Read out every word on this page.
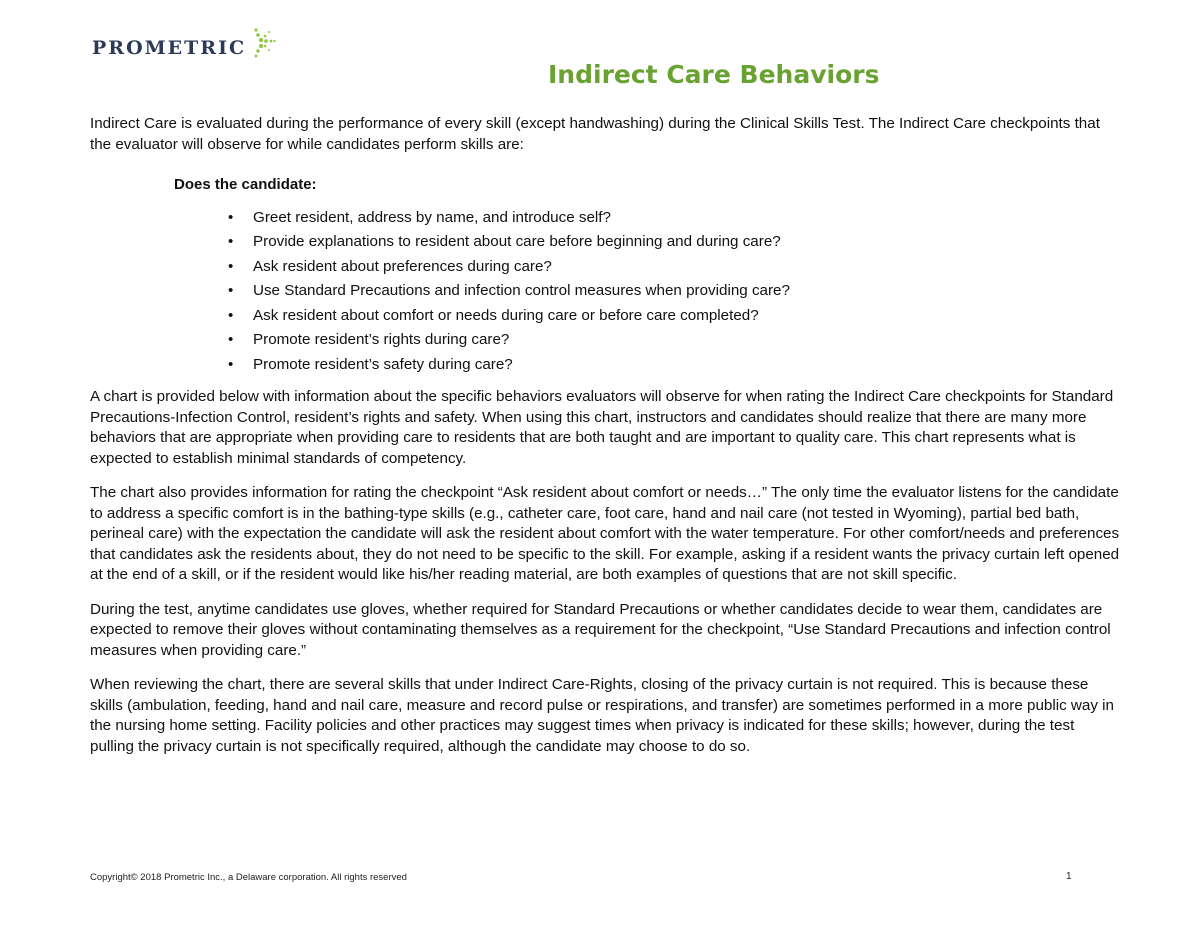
PROMETRIC
Indirect Care Behaviors

Indirect Care is evaluated during the performance of every skill (except handwashing) during the Clinical Skills Test. The Indirect Care checkpoints that the evaluator will observe for while candidates perform skills are:

Does the candidate:

• Greet resident, address by name, and introduce self?
• Provide explanations to resident about care before beginning and during care?
• Ask resident about preferences during care?
• Use Standard Precautions and infection control measures when providing care?
• Ask resident about comfort or needs during care or before care completed?
• Promote resident’s rights during care?
• Promote resident’s safety during care?

A chart is provided below with information about the specific behaviors evaluators will observe for when rating the Indirect Care checkpoints for Standard Precautions-Infection Control, resident’s rights and safety. When using this chart, instructors and candidates should realize that there are many more behaviors that are appropriate when providing care to residents that are both taught and are important to quality care. This chart represents what is expected to establish minimal standards of competency.

The chart also provides information for rating the checkpoint “Ask resident about comfort or needs…” The only time the evaluator listens for the candidate to address a specific comfort is in the bathing-type skills (e.g., catheter care, foot care, hand and nail care (not tested in Wyoming), partial bed bath, perineal care) with the expectation the candidate will ask the resident about comfort with the water temperature. For other comfort/needs and preferences that candidates ask the residents about, they do not need to be specific to the skill. For example, asking if a resident wants the privacy curtain left opened at the end of a skill, or if the resident would like his/her reading material, are both examples of questions that are not skill specific.

During the test, anytime candidates use gloves, whether required for Standard Precautions or whether candidates decide to wear them, candidates are expected to remove their gloves without contaminating themselves as a requirement for the checkpoint, “Use Standard Precautions and infection control measures when providing care.”

When reviewing the chart, there are several skills that under Indirect Care-Rights, closing of the privacy curtain is not required. This is because these skills (ambulation, feeding, hand and nail care, measure and record pulse or respirations, and transfer) are sometimes performed in a more public way in the nursing home setting. Facility policies and other practices may suggest times when privacy is indicated for these skills; however, during the test pulling the privacy curtain is not specifically required, although the candidate may choose to do so.

Copyright© 2018 Prometric Inc., a Delaware corporation. All rights reserved	1
